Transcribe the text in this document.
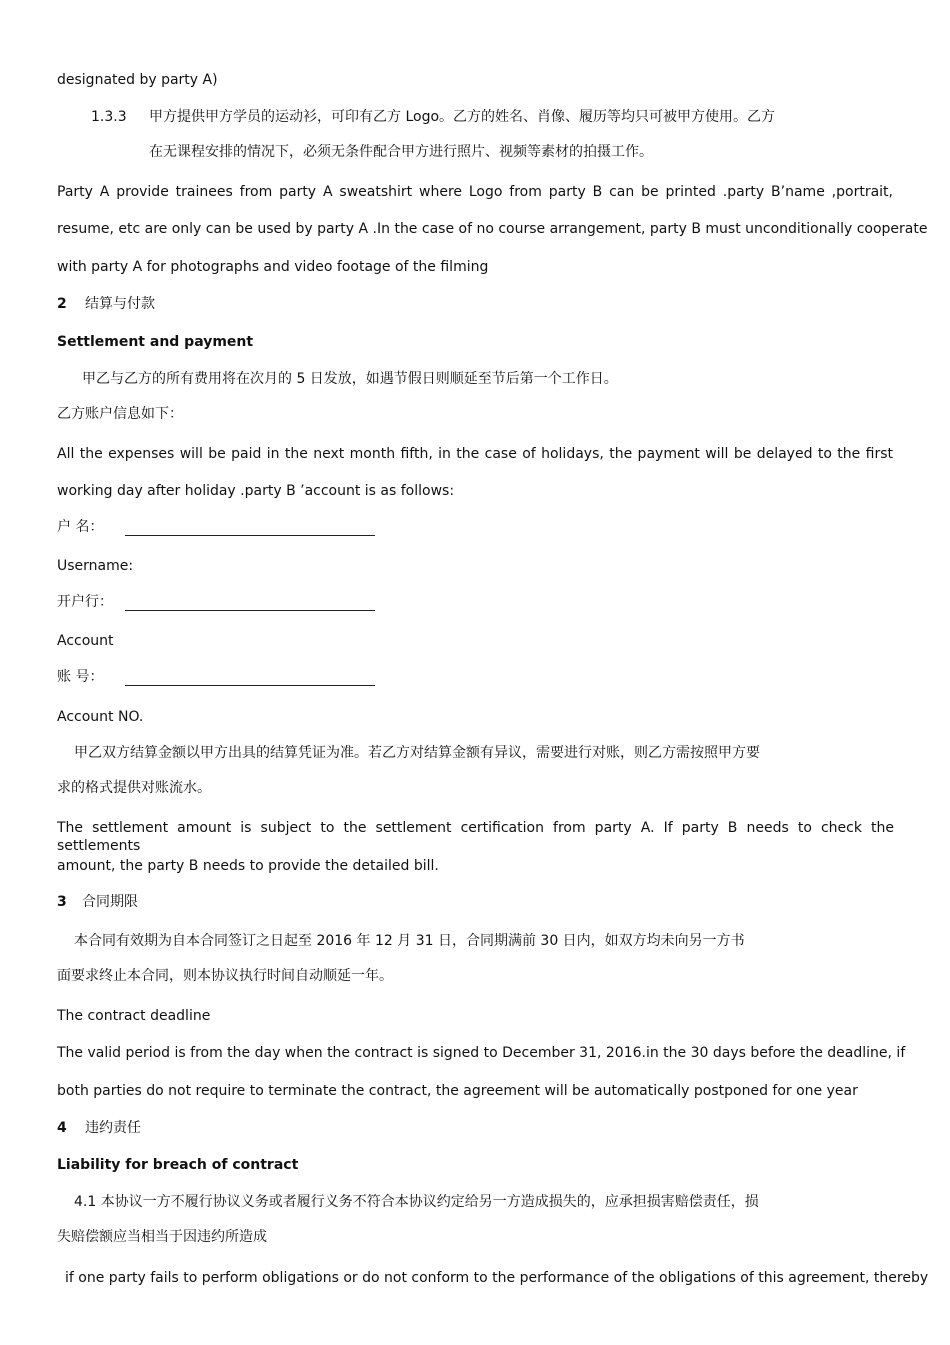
designated by party A)
1.3.3 甲方提供甲方学员的运动衫，可印有乙方 Logo。乙方的姓名、肖像、履历等均只可被甲方使用。乙方
在无课程安排的情况下，必须无条件配合甲方进行照片、视频等素材的拍摄工作。
Party A provide trainees from party A sweatshirt where Logo from party B can be printed .party B’name ,portrait,
resume, etc are only can be used by party A .In the case of no course arrangement, party B must unconditionally cooperate
with party A for photographs and video footage of the filming
2 结算与付款
Settlement and payment
甲乙与乙方的所有费用将在次月的 5 日发放，如遇节假日则顺延至节后第一个工作日。
乙方账户信息如下：
All the expenses will be paid in the next month fifth, in the case of holidays, the payment will be delayed to the first
working day after holiday .party B ’account is as follows:
户 名：
Username:
开户行：
Account
账 号：
Account NO.
甲乙双方结算金额以甲方出具的结算凭证为准。若乙方对结算金额有异议，需要进行对账，则乙方需按照甲方要
求的格式提供对账流水。
The settlement amount is subject to the settlement certification from party A. If party B needs to check the settlements
amount, the party B needs to provide the detailed bill.
3 合同期限
本合同有效期为自本合同签订之日起至 2016 年 12 月 31 日，合同期满前 30 日内，如双方均未向另一方书
面要求终止本合同，则本协议执行时间自动顺延一年。
The contract deadline
The valid period is from the day when the contract is signed to December 31, 2016.in the 30 days before the deadline, if
both parties do not require to terminate the contract, the agreement will be automatically postponed for one year
4 违约责任
Liability for breach of contract
4.1 本协议一方不履行协议义务或者履行义务不符合本协议约定给另一方造成损失的，应承担损害赔偿责任，损
失赔偿额应当相当于因违约所造成
if one party fails to perform obligations or do not conform to the performance of the obligations of this agreement, thereby
